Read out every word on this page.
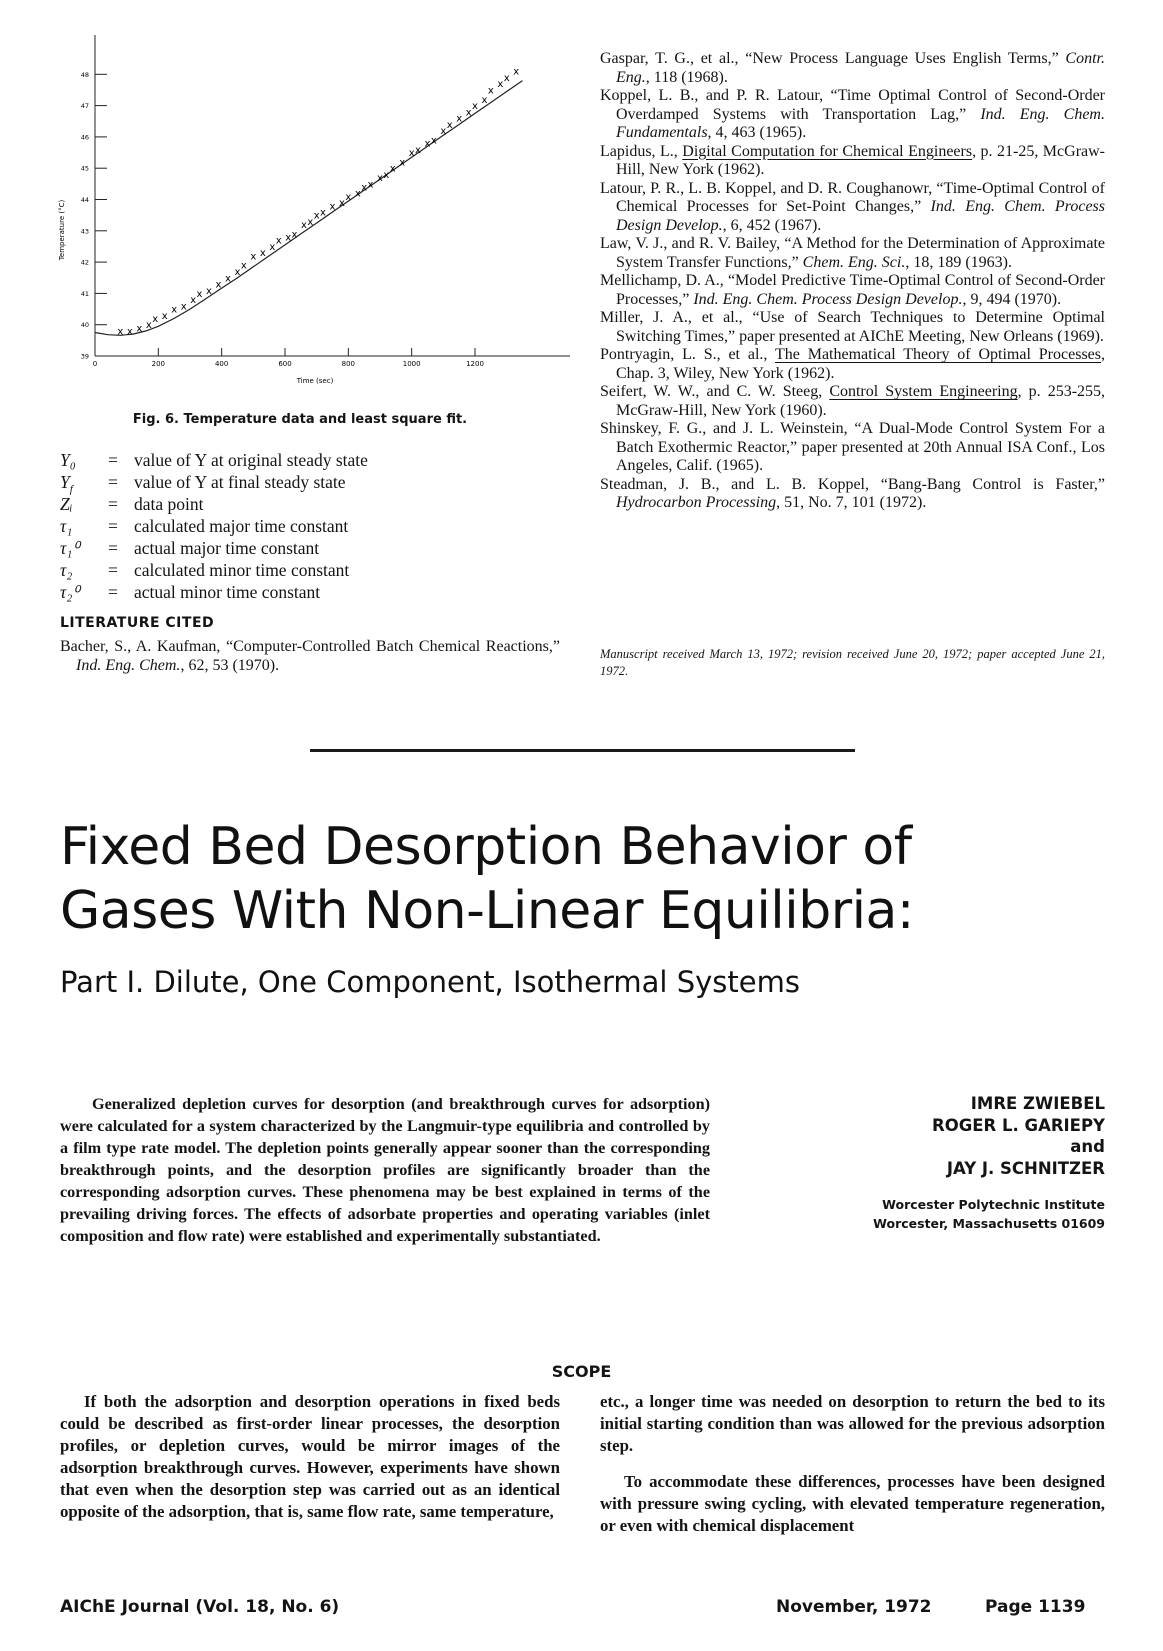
0	200	400	600	800	1000	1200
39
40
41
42
43
44
45
46
47
48
x x x x
x x
x x
x
x x
x
x
x
x
x x
x
x x x
x x
x x
x x
x x
x x
x x
x
x
x x
x x
x
x
x
x
x
x
x
x
x
x
Temperature (°C)
Time (sec)
Fig. 6. Temperature data and least square fit.
Y₀	= value of Y at original steady state
$Y_f$	= value of Y at final steady state
Zᵢ	= data point
τ₁	= calculated major time constant
τ₁⁰	= actual major time constant
τ₂	= calculated minor time constant
τ₂⁰	= actual minor time constant
LITERATURE CITED
Bacher, S., A. Kaufman, “Computer-Controlled Batch Chemical Reactions,” Ind. Eng. Chem., 62, 53 (1970).
Gaspar, T. G., et al., “New Process Language Uses English Terms,” Contr. Eng., 118 (1968).
Koppel, L. B., and P. R. Latour, “Time Optimal Control of Second-Order Overdamped Systems with Transportation Lag,” Ind. Eng. Chem. Fundamentals, 4, 463 (1965).
Lapidus, L., Digital Computation for Chemical Engineers, p. 21-25, McGraw-Hill, New York (1962).
Latour, P. R., L. B. Koppel, and D. R. Coughanowr, “Time-Optimal Control of Chemical Processes for Set-Point Changes,” Ind. Eng. Chem. Process Design Develop., 6, 452 (1967).
Law, V. J., and R. V. Bailey, “A Method for the Determination of Approximate System Transfer Functions,” Chem. Eng. Sci., 18, 189 (1963).
Mellichamp, D. A., “Model Predictive Time-Optimal Control of Second-Order Processes,” Ind. Eng. Chem. Process Design Develop., 9, 494 (1970).
Miller, J. A., et al., “Use of Search Techniques to Determine Optimal Switching Times,” paper presented at AIChE Meeting, New Orleans (1969).
Pontryagin, L. S., et al., The Mathematical Theory of Optimal Processes, Chap. 3, Wiley, New York (1962).
Seifert, W. W., and C. W. Steeg, Control System Engineering, p. 253-255, McGraw-Hill, New York (1960).
Shinskey, F. G., and J. L. Weinstein, “A Dual-Mode Control System For a Batch Exothermic Reactor,” paper presented at 20th Annual ISA Conf., Los Angeles, Calif. (1965).
Steadman, J. B., and L. B. Koppel, “Bang-Bang Control is Faster,” Hydrocarbon Processing, 51, No. 7, 101 (1972).
Manuscript received March 13, 1972; revision received June 20, 1972; paper accepted June 21, 1972.
Fixed Bed Desorption Behavior of
Gases With Non-Linear Equilibria:
Part I. Dilute, One Component, Isothermal Systems
Generalized depletion curves for desorption (and breakthrough curves for adsorption) were calculated for a system characterized by the Langmuir-type equilibria and controlled by a film type rate model. The depletion points generally appear sooner than the corresponding breakthrough points, and the desorption profiles are significantly broader than the corresponding adsorption curves. These phenomena may be best explained in terms of the prevailing driving forces. The effects of adsorbate properties and operating variables (inlet composition and flow rate) were established and experimentally substantiated.
IMRE ZWIEBEL
ROGER L. GARIEPY
and
JAY J. SCHNITZER
Worcester Polytechnic Institute
Worcester, Massachusetts 01609
SCOPE
If both the adsorption and desorption operations in fixed beds could be described as first-order linear processes, the desorption profiles, or depletion curves, would be mirror images of the adsorption breakthrough curves. However, experiments have shown that even when the desorption step was carried out as an identical opposite of the adsorption, that is, same flow rate, same temperature,

etc., a longer time was needed on desorption to return the bed to its initial starting condition than was allowed for the previous adsorption step.

To accommodate these differences, processes have been designed with pressure swing cycling, with elevated temperature regeneration, or even with chemical displacement

AIChE Journal (Vol. 18, No. 6)	November, 1972	Page 1139
